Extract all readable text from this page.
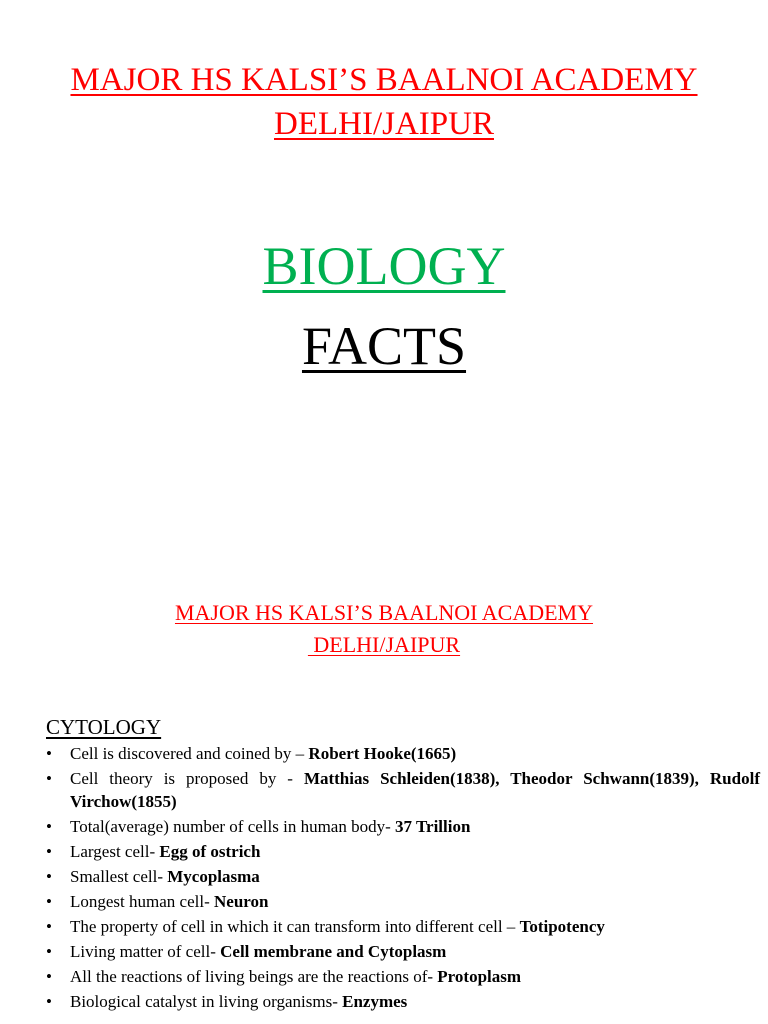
MAJOR HS KALSI’S BAALNOI ACADEMY
DELHI/JAIPUR
BIOLOGY
FACTS
MAJOR HS KALSI’S BAALNOI ACADEMY
DELHI/JAIPUR
CYTOLOGY
• Cell is discovered and coined by – Robert Hooke(1665)
• Cell theory is proposed by - Matthias Schleiden(1838), Theodor Schwann(1839), Rudolf Virchow(1855)
• Total(average) number of cells in human body- 37 Trillion
• Largest cell- Egg of ostrich
• Smallest cell- Mycoplasma
• Longest human cell- Neuron
• The property of cell in which it can transform into different cell – Totipotency
• Living matter of cell- Cell membrane and Cytoplasm
• All the reactions of living beings are the reactions of- Protoplasm
• Biological catalyst in living organisms- Enzymes
